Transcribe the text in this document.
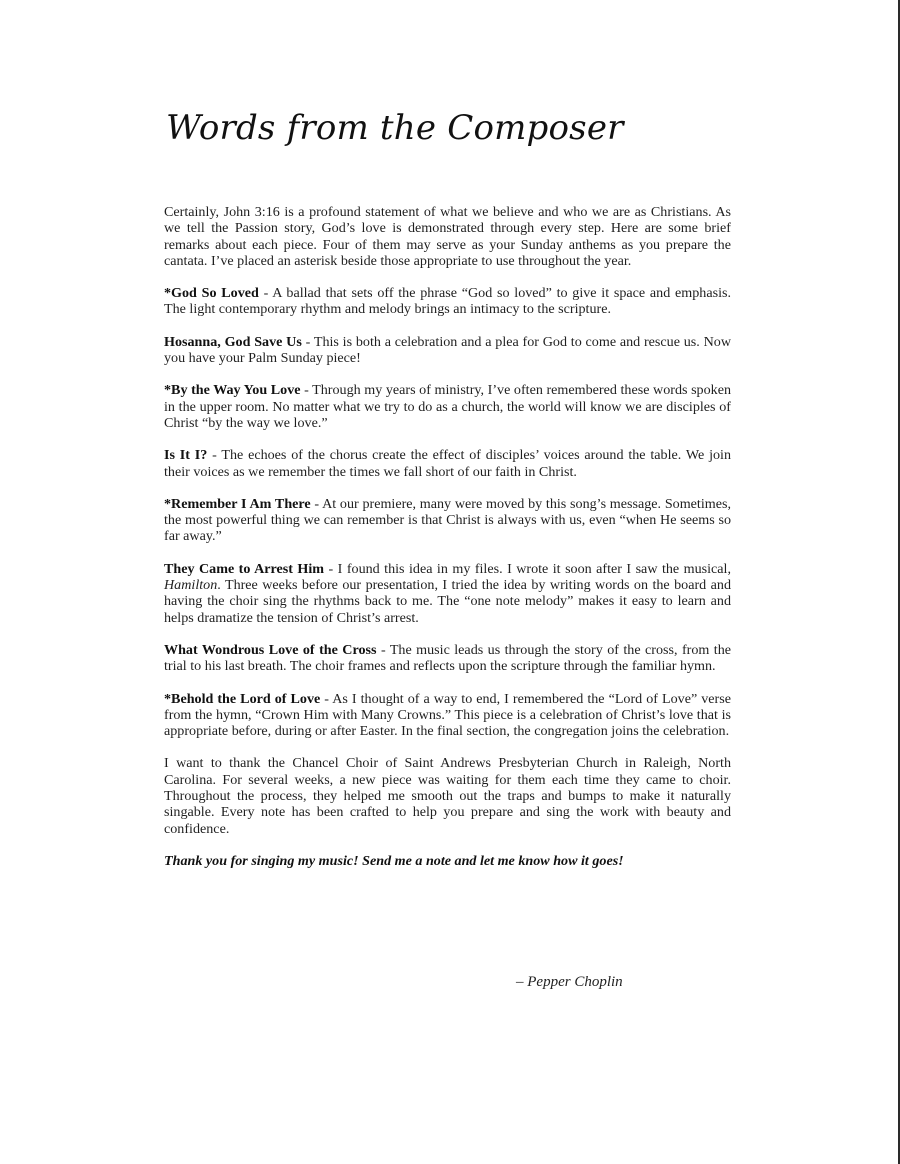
Words from the Composer

Certainly, John 3:16 is a profound statement of what we believe and who we are as Christians. As we tell the Passion story, God’s love is demonstrated through every step. Here are some brief remarks about each piece. Four of them may serve as your Sunday anthems as you prepare the cantata. I’ve placed an asterisk beside those appropriate to use throughout the year.

*God So Loved - A ballad that sets off the phrase “God so loved” to give it space and emphasis. The light contemporary rhythm and melody brings an intimacy to the scripture.

Hosanna, God Save Us - This is both a celebration and a plea for God to come and rescue us. Now you have your Palm Sunday piece!

*By the Way You Love - Through my years of ministry, I’ve often remembered these words spoken in the upper room. No matter what we try to do as a church, the world will know we are disciples of Christ “by the way we love.”

Is It I? - The echoes of the chorus create the effect of disciples’ voices around the table. We join their voices as we remember the times we fall short of our faith in Christ.

*Remember I Am There - At our premiere, many were moved by this song’s message. Sometimes, the most powerful thing we can remember is that Christ is always with us, even “when He seems so far away.”

They Came to Arrest Him - I found this idea in my files. I wrote it soon after I saw the musical, Hamilton. Three weeks before our presentation, I tried the idea by writing words on the board and having the choir sing the rhythms back to me. The “one note melody” makes it easy to learn and helps dramatize the tension of Christ’s arrest.

What Wondrous Love of the Cross - The music leads us through the story of the cross, from the trial to his last breath. The choir frames and reflects upon the scripture through the familiar hymn.

*Behold the Lord of Love - As I thought of a way to end, I remembered the “Lord of Love” verse from the hymn, “Crown Him with Many Crowns.” This piece is a celebration of Christ’s love that is appropriate before, during or after Easter. In the final section, the congregation joins the celebration.

I want to thank the Chancel Choir of Saint Andrews Presbyterian Church in Raleigh, North Carolina. For several weeks, a new piece was waiting for them each time they came to choir. Throughout the process, they helped me smooth out the traps and bumps to make it naturally singable. Every note has been crafted to help you prepare and sing the work with beauty and confidence.

Thank you for singing my music! Send me a note and let me know how it goes!

– Pepper Choplin
